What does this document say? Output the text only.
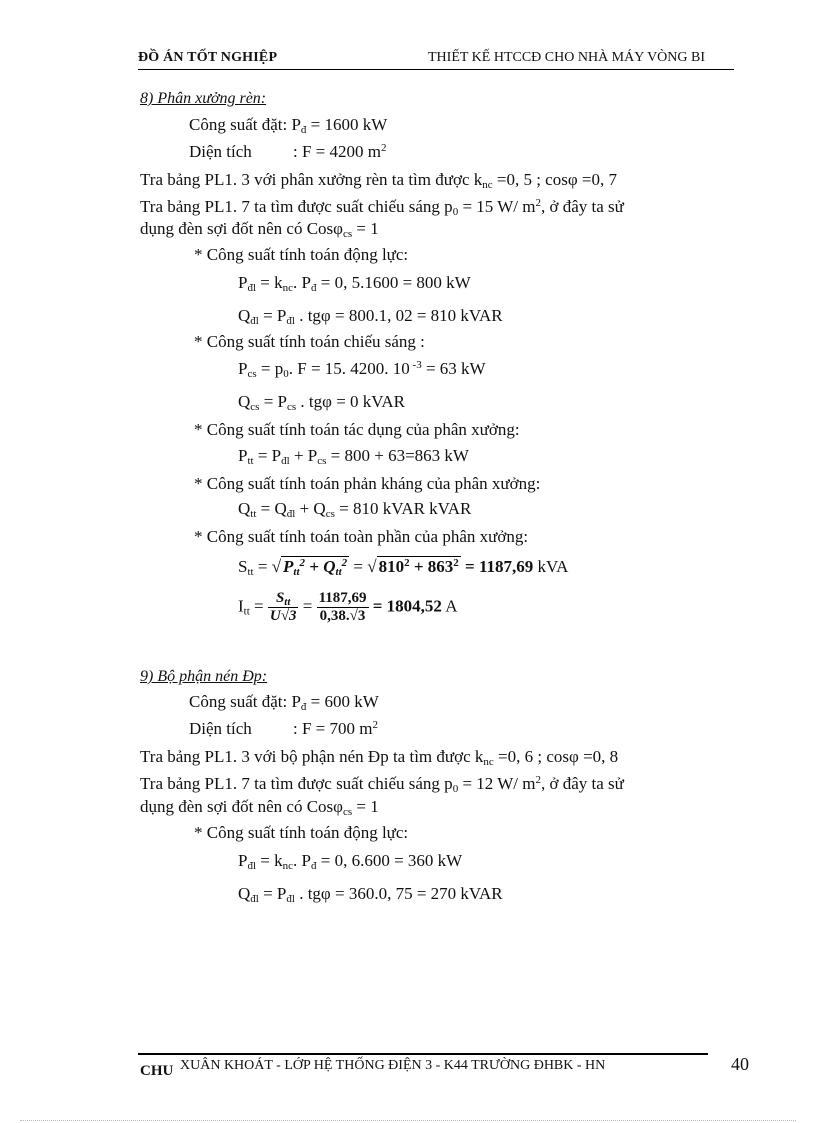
ĐỒ ÁN TỐT NGHIỆP	THIẾT KẾ HTCCĐ CHO NHÀ MÁY VÒNG BI
8) Phân xưởng rèn:
Công suất đặt: $P_đ = 1600$ kW
Diện tích : F = 4200 $m^2$
Tra bảng PL1. 3 với phân xưởng rèn ta tìm được $k_{nc} =0$, 5 ; cosφ =0, 7
Tra bảng PL1. 7 ta tìm được suất chiếu sáng $p_0 = 15$ W/ $m^2$, ở đây ta sử
dụng đèn sợi đốt nên có Cosφ$_{cs}$ = 1
* Công suất tính toán động lực:
$P_{đl} = k_{nc}$. $P_đ = 0$, 5.1600 = 800 kW
$Q_{đl} = P_{đl}$ . tgφ = 800.1, 02 = 810 kVAR
* Công suất tính toán chiếu sáng :
$P_{cs} = p_0$. F = 15. 4200. 10 $^{-3}$ = 63 kW
$Q_{cs} = P_{cs}$ . tgφ = 0 kVAR
* Công suất tính toán tác dụng của phân xưởng:
$P_{tt} = P_{đl} + P_{cs} = 800 + 63=863$ kW
* Công suất tính toán phản kháng của phân xưởng:
$Q_{tt} = Q_{đl} + Q_{cs} = 810$ kVAR kVAR
* Công suất tính toán toàn phần của phân xưởng:
$S_{tt}$ = √ $P_{tt}^2 + Q_{tt}^2$ = √ $810^2 + 863^2 = 1187,69$ kVA
$I_{tt} = \frac{S_{tt}}{U√3} = \frac{1187,69}{0,38.√3} = 1804,52$ A
9) Bộ phận nén Đp:
Công suất đặt: $P_đ = 600$ kW
Diện tích : F = 700 $m^2$
Tra bảng PL1. 3 với bộ phận nén Đp ta tìm được $k_{nc} =0$, 6 ; cosφ =0, 8
Tra bảng PL1. 7 ta tìm được suất chiếu sáng $p_0 = 12$ W/ $m^2$, ở đây ta sử
dụng đèn sợi đốt nên có Cosφ$_{cs}$ = 1
* Công suất tính toán động lực:
$P_{đl} = k_{nc}$. $P_đ = 0$, 6.600 = 360 kW
$Q_{đl} = P_{đl}$ . tgφ = 360.0, 75 = 270 kVAR
CHU XUÂN KHOÁT - LỚP HỆ THỐNG ĐIỆN 3 - K44 TRƯỜNG ĐHBK - HN	40
